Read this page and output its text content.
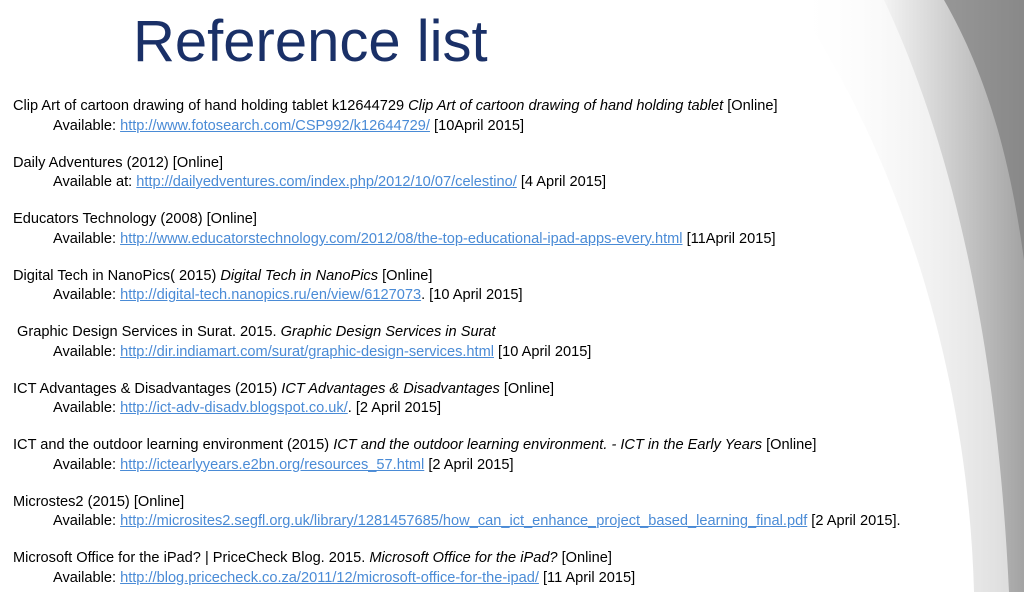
Reference list
Clip Art of cartoon drawing of hand holding tablet k12644729 Clip Art of cartoon drawing of hand holding tablet [Online]
Available: http://www.fotosearch.com/CSP992/k12644729/ [10April 2015]
Daily Adventures (2012) [Online]
Available at: http://dailyedventures.com/index.php/2012/10/07/celestino/ [4 April 2015]
Educators Technology (2008) [Online]
Available: http://www.educatorstechnology.com/2012/08/the-top-educational-ipad-apps-every.html [11April 2015]
Digital Tech in NanoPics( 2015) Digital Tech in NanoPics [Online]
Available: http://digital-tech.nanopics.ru/en/view/6127073. [10 April 2015]
Graphic Design Services in Surat. 2015. Graphic Design Services in Surat
Available: http://dir.indiamart.com/surat/graphic-design-services.html [10 April 2015]
ICT Advantages & Disadvantages (2015) ICT Advantages & Disadvantages [Online]
Available: http://ict-adv-disadv.blogspot.co.uk/. [2 April 2015]
ICT and the outdoor learning environment (2015) ICT and the outdoor learning environment. - ICT in the Early Years [Online]
Available: http://ictearlyyears.e2bn.org/resources_57.html [2 April 2015]
Microstes2 (2015) [Online]
Available: http://microsites2.segfl.org.uk/library/1281457685/how_can_ict_enhance_project_based_learning_final.pdf [2 April 2015].
Microsoft Office for the iPad? | PriceCheck Blog. 2015. Microsoft Office for the iPad? [Online]
Available: http://blog.pricecheck.co.za/2011/12/microsoft-office-for-the-ipad/ [11 April 2015]
